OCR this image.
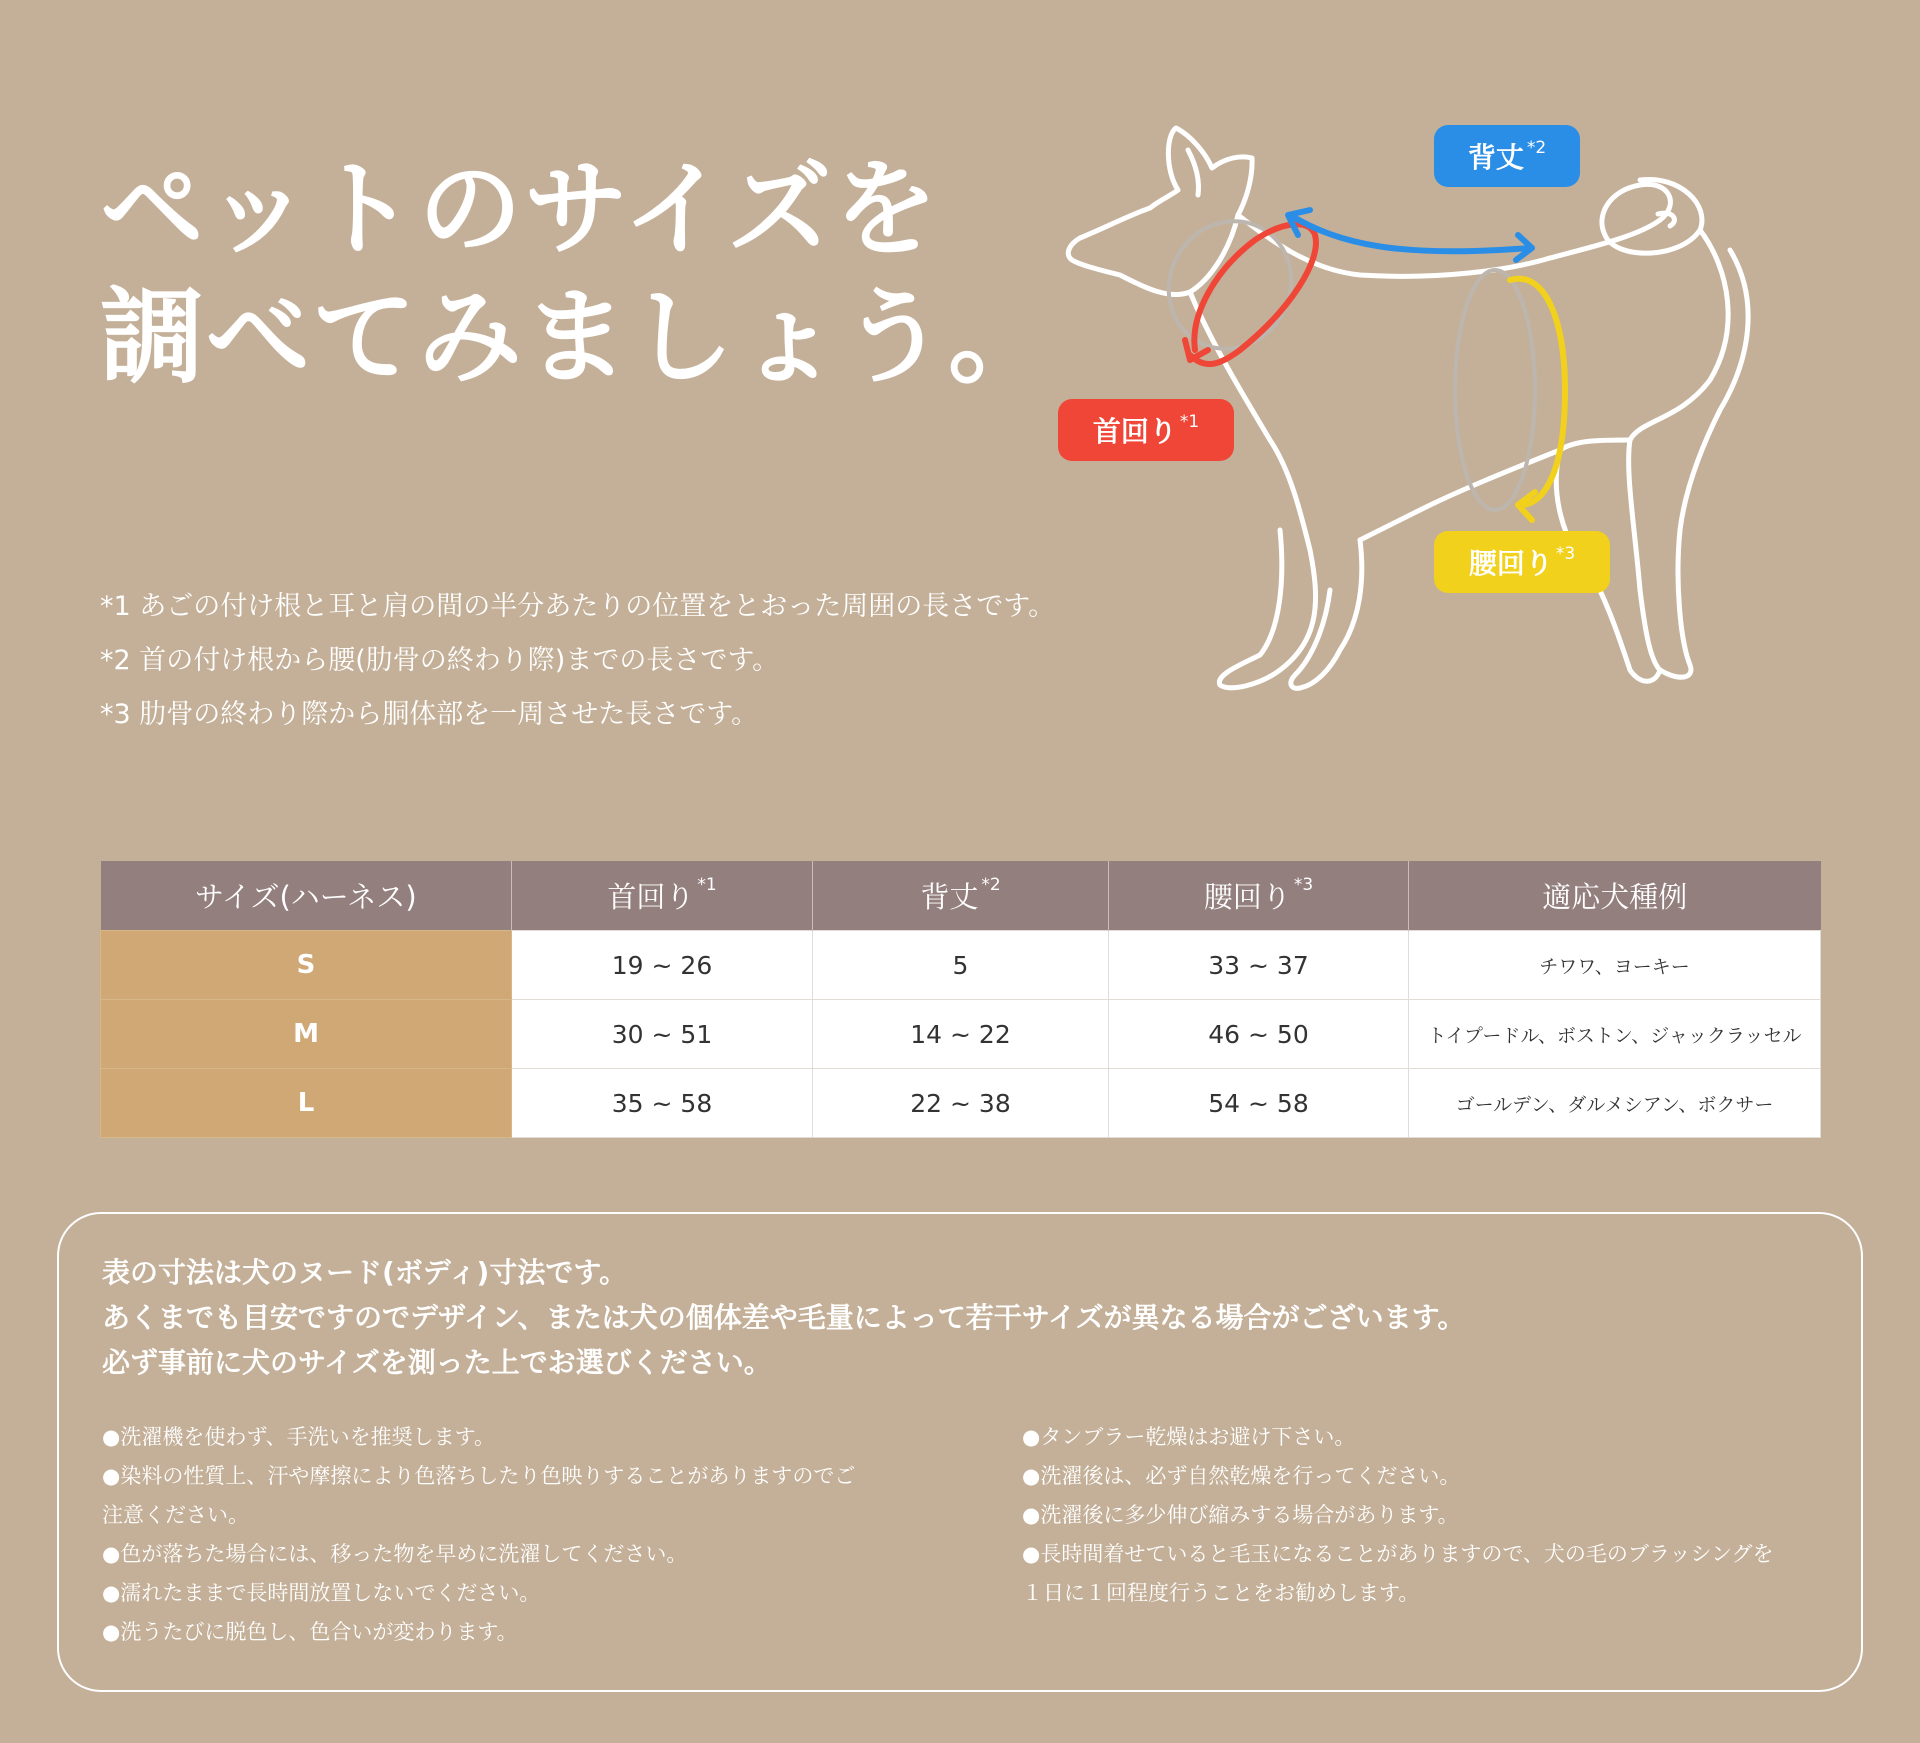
ペットのサイズを
調べてみましょう。
*1 あごの付け根と耳と肩の間の半分あたりの位置をとおった周囲の長さです。
*2 首の付け根から腰(肋骨の終わり際)までの長さです。
*3 肋骨の終わり際から胴体部を一周させた長さです。
首回り$^{*1}$
背丈$^{*2}$
腰回り$^{*3}$
サイズ(ハーネス)	首回り $^{*1}$	背丈 $^{*2}$	腰回り $^{*3}$	適応犬種例
S	19 ~ 26	5	33 ~ 37	チワワ、ヨーキー
M	30 ~ 51	14 ~ 22	46 ~ 50	トイプードル、ボストン、ジャックラッセル
L	35 ~ 58	22 ~ 38	54 ~ 58	ゴールデン、ダルメシアン、ボクサー
表の寸法は犬のヌード(ボディ)寸法です。
あくまでも目安ですのでデザイン、または犬の個体差や毛量によって若干サイズが異なる場合がございます。
必ず事前に犬のサイズを測った上でお選びください。
●洗濯機を使わず、手洗いを推奨します。
●染料の性質上、汗や摩擦により色落ちしたり色映りすることがありますのでご
注意ください。
●色が落ちた場合には、移った物を早めに洗濯してください。
●濡れたままで長時間放置しないでください。
●洗うたびに脱色し、色合いが変わります。
●タンブラー乾燥はお避け下さい。
●洗濯後は、必ず自然乾燥を行ってください。
●洗濯後に多少伸び縮みする場合があります。
●長時間着せていると毛玉になることがありますので、犬の毛のブラッシングを
１日に１回程度行うことをお勧めします。
